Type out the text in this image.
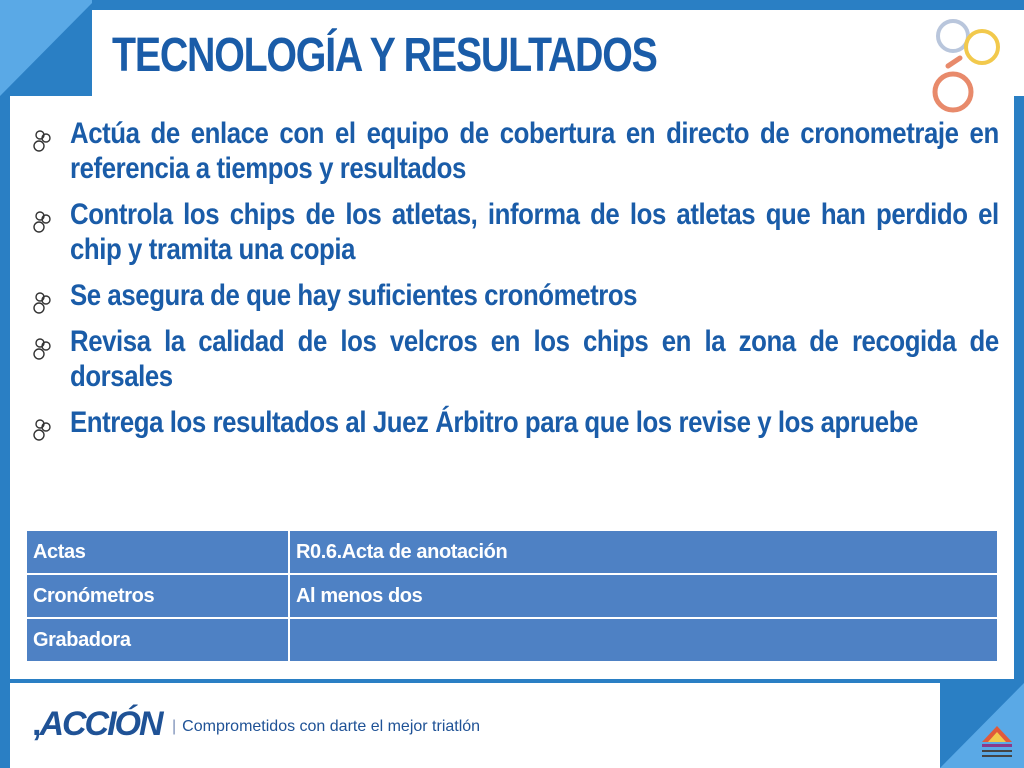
TECNOLOGÍA Y RESULTADOS
Actúa de enlace con el equipo de cobertura en directo de cronometraje en referencia a tiempos y resultados
Controla los chips de los atletas, informa de los atletas que han perdido el chip y tramita una copia
Se asegura de que hay suficientes cronómetros
Revisa la calidad de los velcros en los chips en la zona de recogida de dorsales
Entrega los resultados al Juez Árbitro para que los revise y los apruebe
Actas	R0.6.Acta de anotación
Cronómetros	Al menos dos
Grabadora	
,ACCIÓN | Comprometidos con darte el mejor triatlón
